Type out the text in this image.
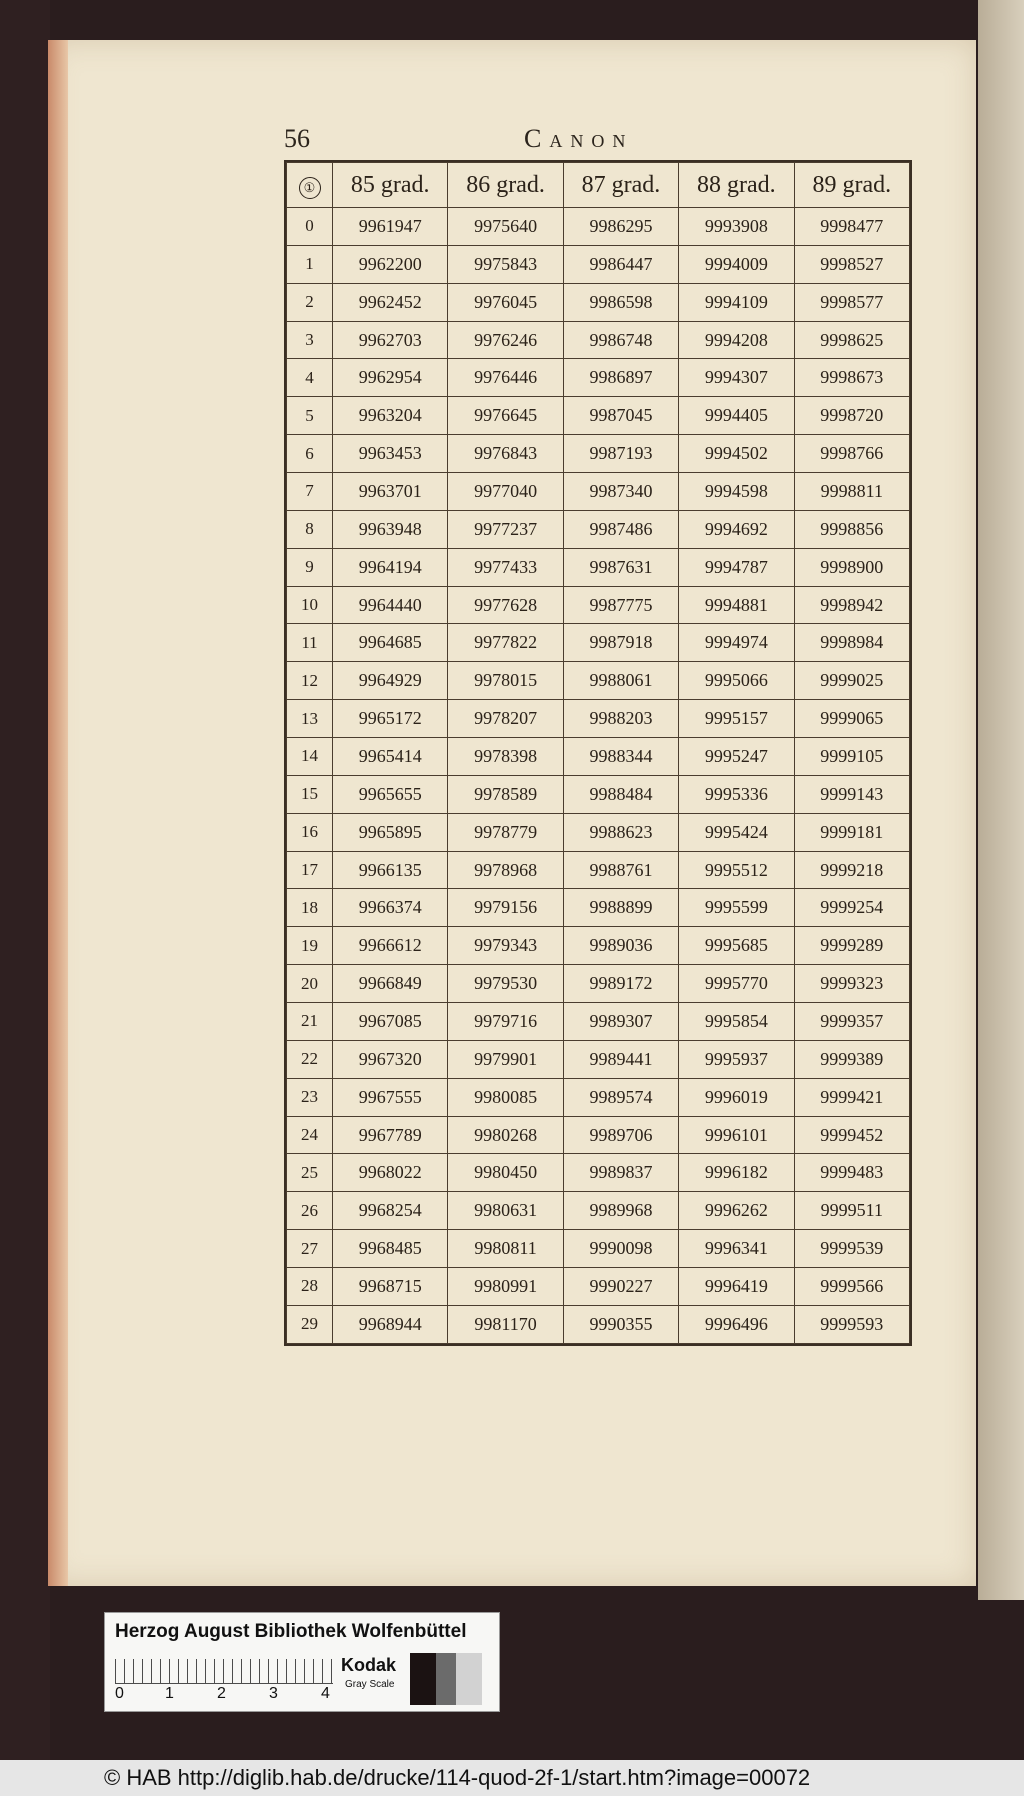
56	Canon
①	85 grad.	86 grad.	87 grad.	88 grad.	89 grad.
0	9961947	9975640	9986295	9993908	9998477
1	9962200	9975843	9986447	9994009	9998527
2	9962452	9976045	9986598	9994109	9998577
3	9962703	9976246	9986748	9994208	9998625
4	9962954	9976446	9986897	9994307	9998673
5	9963204	9976645	9987045	9994405	9998720
6	9963453	9976843	9987193	9994502	9998766
7	9963701	9977040	9987340	9994598	9998811
8	9963948	9977237	9987486	9994692	9998856
9	9964194	9977433	9987631	9994787	9998900
10	9964440	9977628	9987775	9994881	9998942
11	9964685	9977822	9987918	9994974	9998984
12	9964929	9978015	9988061	9995066	9999025
13	9965172	9978207	9988203	9995157	9999065
14	9965414	9978398	9988344	9995247	9999105
15	9965655	9978589	9988484	9995336	9999143
16	9965895	9978779	9988623	9995424	9999181
17	9966135	9978968	9988761	9995512	9999218
18	9966374	9979156	9988899	9995599	9999254
19	9966612	9979343	9989036	9995685	9999289
20	9966849	9979530	9989172	9995770	9999323
21	9967085	9979716	9989307	9995854	9999357
22	9967320	9979901	9989441	9995937	9999389
23	9967555	9980085	9989574	9996019	9999421
24	9967789	9980268	9989706	9996101	9999452
25	9968022	9980450	9989837	9996182	9999483
26	9968254	9980631	9989968	9996262	9999511
27	9968485	9980811	9990098	9996341	9999539
28	9968715	9980991	9990227	9996419	9999566
29	9968944	9981170	9990355	9996496	9999593
Herzog August Bibliothek Wolfenbüttel
0	1	2	3	4
Kodak
Gray Scale
© HAB http://diglib.hab.de/drucke/114-quod-2f-1/start.htm?image=00072
